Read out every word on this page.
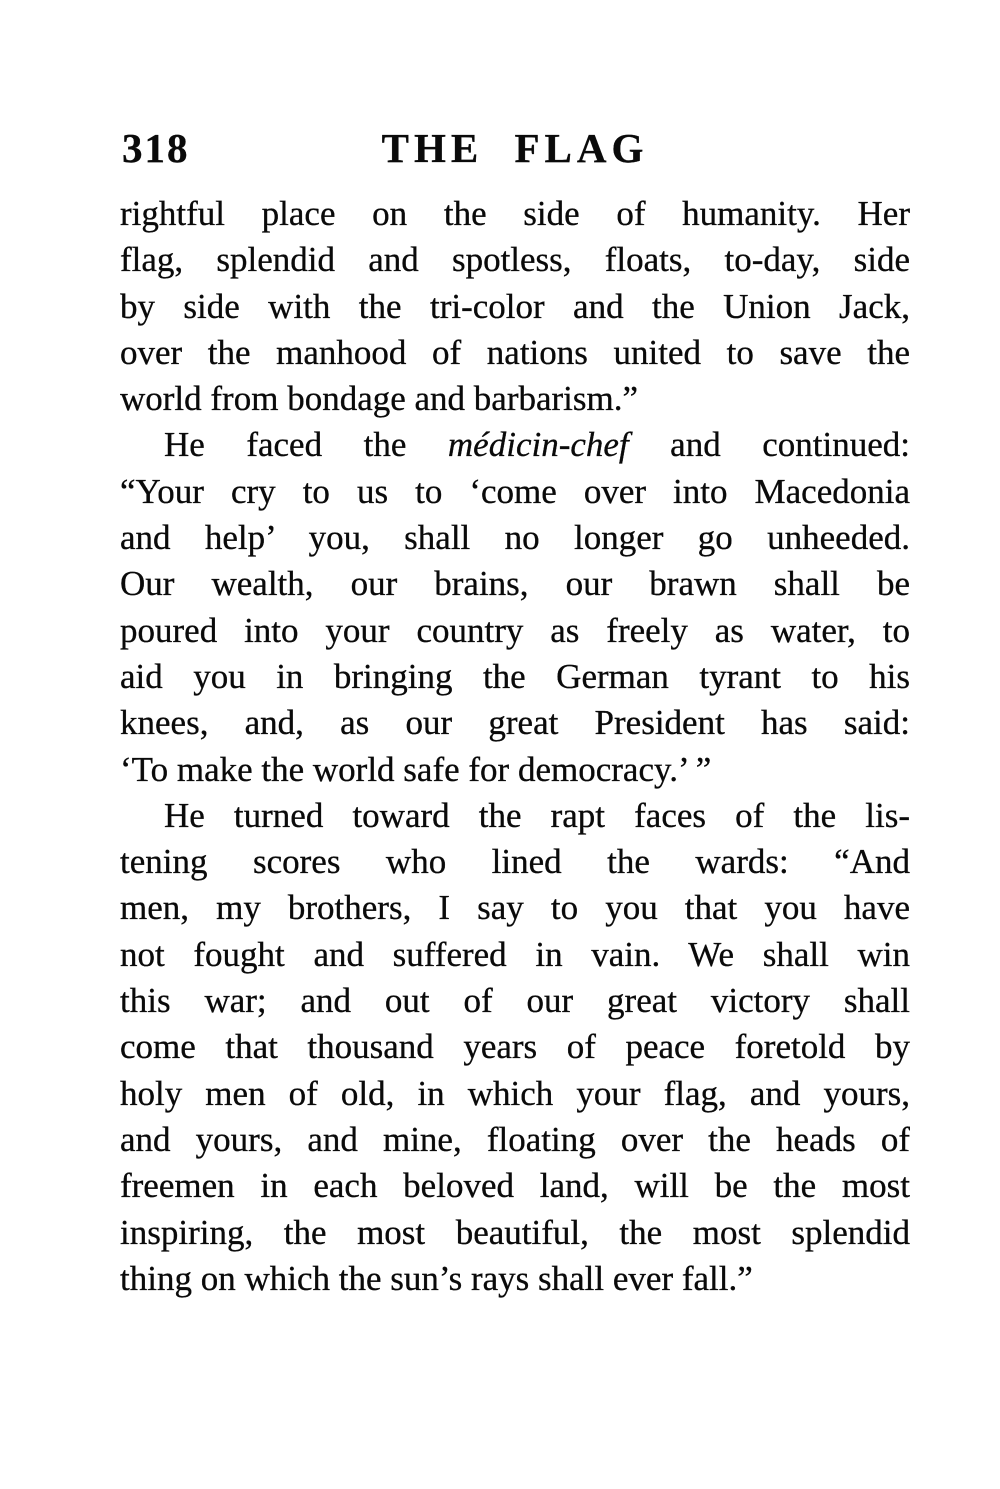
318	THE FLAG
rightful place on the side of humanity. Her
flag, splendid and spotless, floats, to-day, side
by side with the tri-color and the Union Jack,
over the manhood of nations united to save the
world from bondage and barbarism.”
He faced the médicin-chef and continued:
“Your cry to us to ‘come over into Macedonia
and help’ you, shall no longer go unheeded.
Our wealth, our brains, our brawn shall be
poured into your country as freely as water, to
aid you in bringing the German tyrant to his
knees, and, as our great President has said:
‘To make the world safe for democracy.’ ”
He turned toward the rapt faces of the lis-
tening scores who lined the wards: “And
men, my brothers, I say to you that you have
not fought and suffered in vain. We shall win
this war; and out of our great victory shall
come that thousand years of peace foretold by
holy men of old, in which your flag, and yours,
and yours, and mine, floating over the heads of
freemen in each beloved land, will be the most
inspiring, the most beautiful, the most splendid
thing on which the sun’s rays shall ever fall.”
